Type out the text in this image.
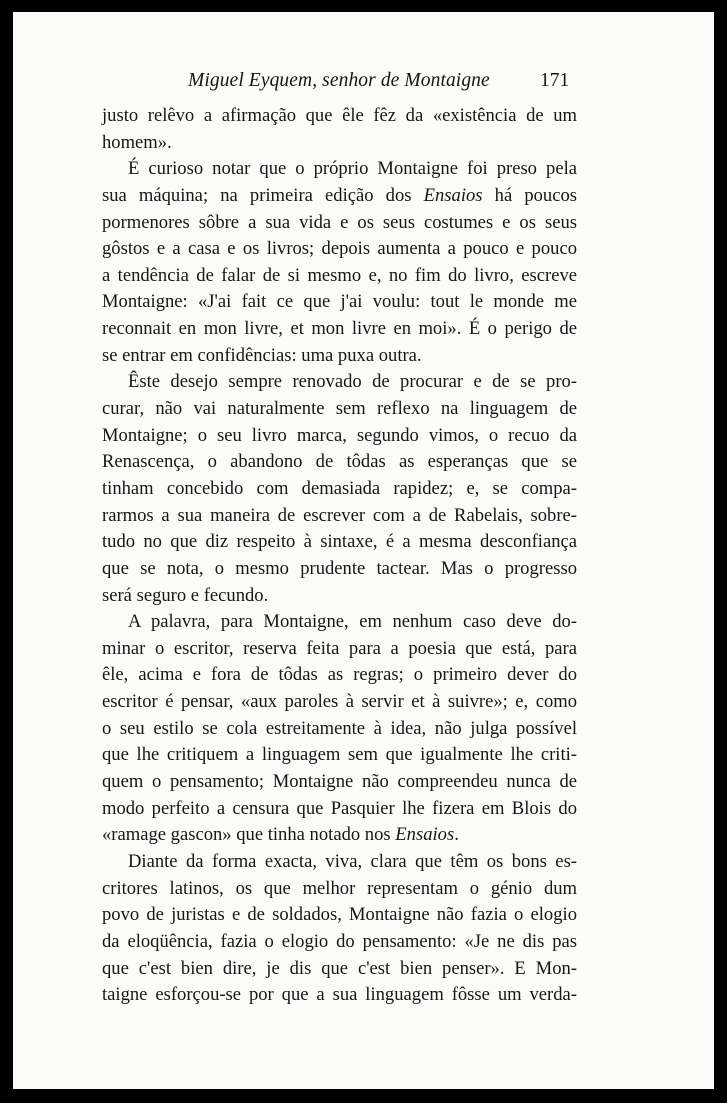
Miguel Eyquem, senhor de Montaigne	171
justo relêvo a afirmação que êle fêz da «existência de um
homem».
É curioso notar que o próprio Montaigne foi preso pela
sua máquina; na primeira edição dos Ensaios há poucos
pormenores sôbre a sua vida e os seus costumes e os seus
gôstos e a casa e os livros; depois aumenta a pouco e pouco
a tendência de falar de si mesmo e, no fim do livro, escreve
Montaigne: «J'ai fait ce que j'ai voulu: tout le monde me
reconnait en mon livre, et mon livre en moi». É o perigo de
se entrar em confidências: uma puxa outra.
Êste desejo sempre renovado de procurar e de se pro-
curar, não vai naturalmente sem reflexo na linguagem de
Montaigne; o seu livro marca, segundo vimos, o recuo da
Renascença, o abandono de tôdas as esperanças que se
tinham concebido com demasiada rapidez; e, se compa-
rarmos a sua maneira de escrever com a de Rabelais, sobre-
tudo no que diz respeito à sintaxe, é a mesma desconfiança
que se nota, o mesmo prudente tactear. Mas o progresso
será seguro e fecundo.
A palavra, para Montaigne, em nenhum caso deve do-
minar o escritor, reserva feita para a poesia que está, para
êle, acima e fora de tôdas as regras; o primeiro dever do
escritor é pensar, «aux paroles à servir et à suivre»; e, como
o seu estilo se cola estreitamente à idea, não julga possível
que lhe critiquem a linguagem sem que igualmente lhe criti-
quem o pensamento; Montaigne não compreendeu nunca de
modo perfeito a censura que Pasquier lhe fizera em Blois do
«ramage gascon» que tinha notado nos Ensaios.
Diante da forma exacta, viva, clara que têm os bons es-
critores latinos, os que melhor representam o génio dum
povo de juristas e de soldados, Montaigne não fazia o elogio
da eloqüência, fazia o elogio do pensamento: «Je ne dis pas
que c'est bien dire, je dis que c'est bien penser». E Mon-
taigne esforçou-se por que a sua linguagem fôsse um verda-
